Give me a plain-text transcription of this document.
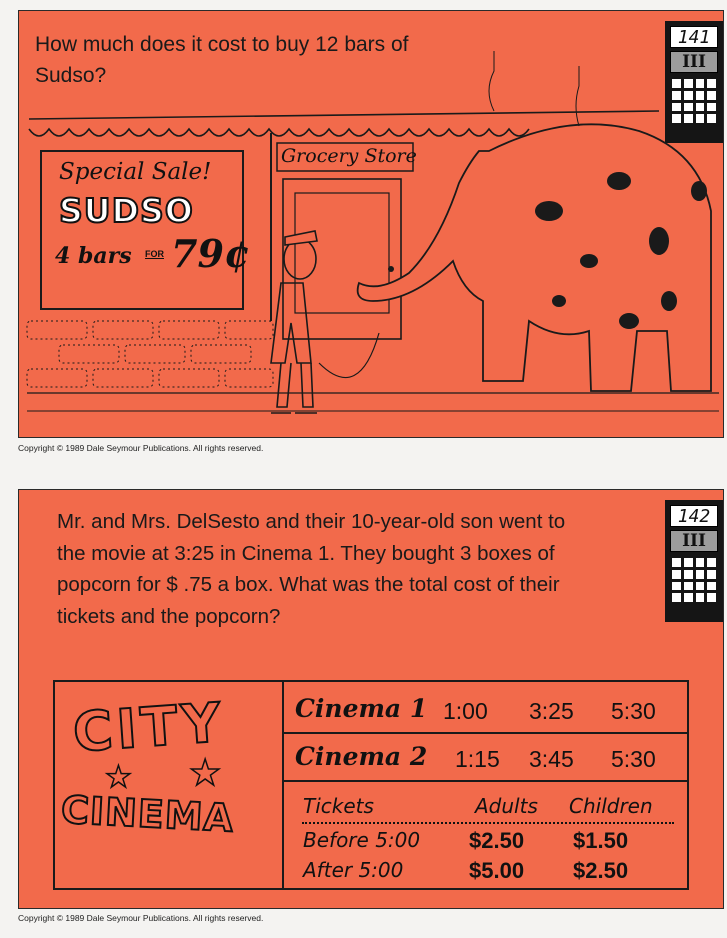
How much does it cost to buy 12 bars of Sudso?

141
III
Special Sale!
SUDSO
4 bars FOR 79¢
Grocery Store
Copyright © 1989 Dale Seymour Publications. All rights reserved.

Mr. and Mrs. DelSesto and their 10-year-old son went to the movie at 3:25 in Cinema 1. They bought 3 boxes of popcorn for $ .75 a box. What was the total cost of their tickets and the popcorn?

142
III
CITY
★ ★
CINEMA
Cinema 1 1:00 3:25 5:30
Cinema 2 1:15 3:45 5:30
Tickets	Adults Children
Before 5:00 $2.50 $1.50
After 5:00	$5.00 $2.50
Copyright © 1989 Dale Seymour Publications. All rights reserved.
